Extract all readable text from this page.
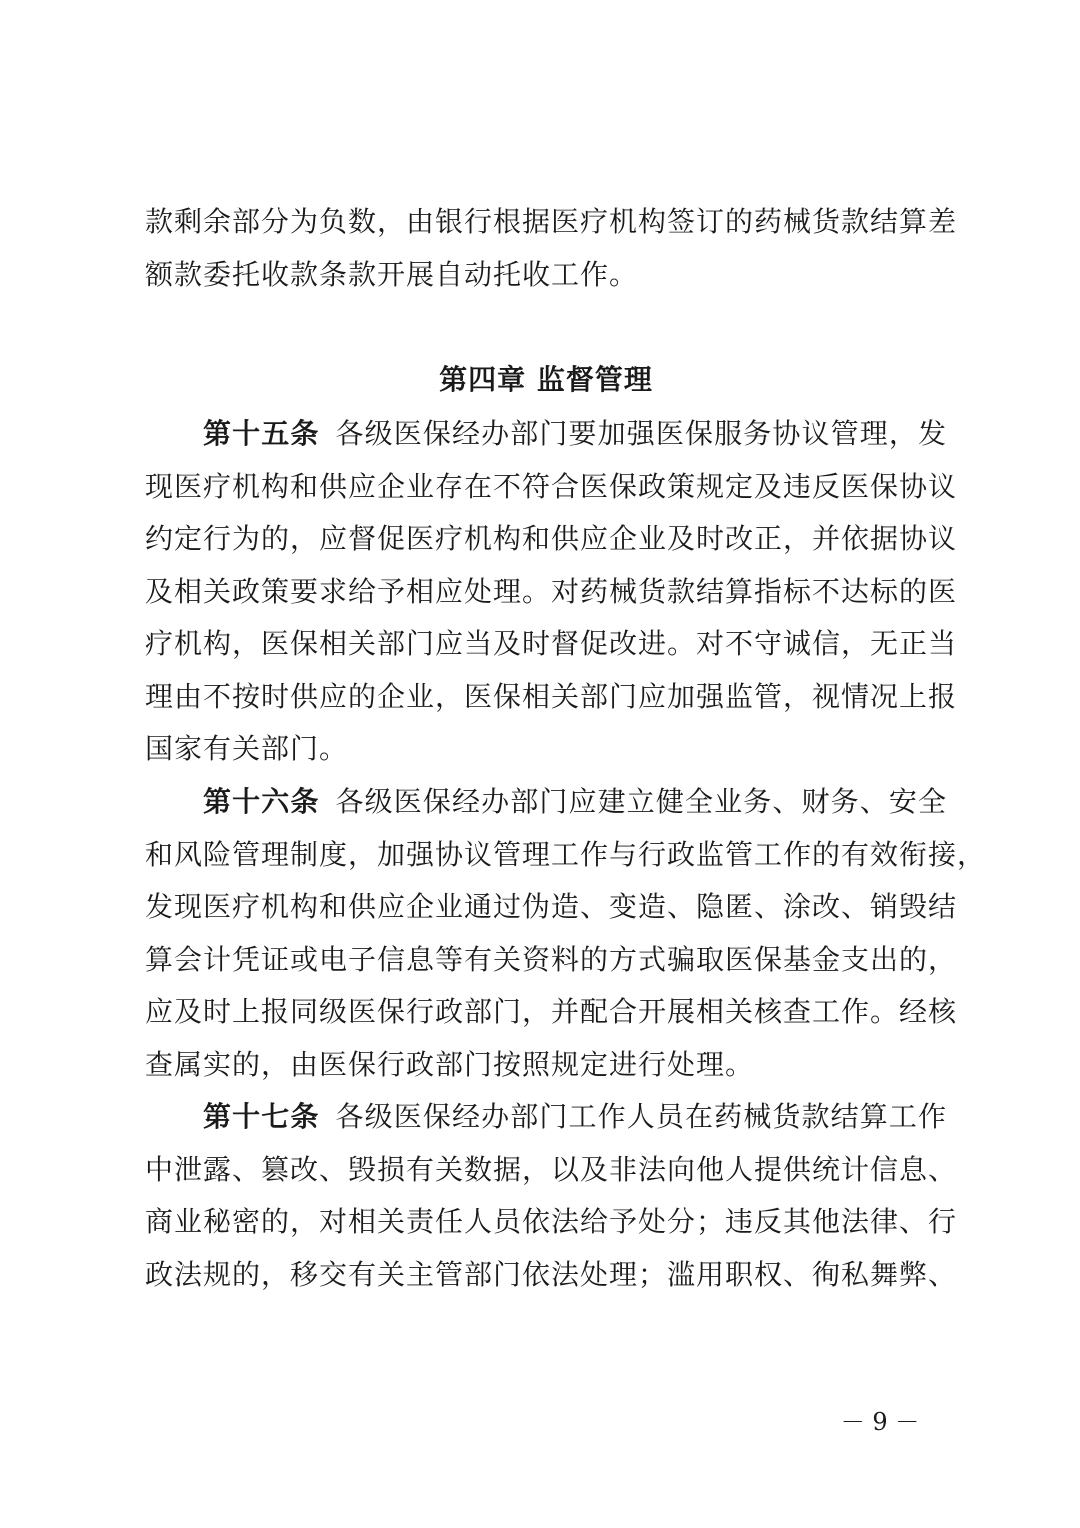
款剩余部分为负数，由银行根据医疗机构签订的药械货款结算差
额款委托收款条款开展自动托收工作。
第四章 监督管理
第十五条 各级医保经办部门要加强医保服务协议管理，发
现医疗机构和供应企业存在不符合医保政策规定及违反医保协议
约定行为的，应督促医疗机构和供应企业及时改正，并依据协议
及相关政策要求给予相应处理。对药械货款结算指标不达标的医
疗机构，医保相关部门应当及时督促改进。对不守诚信，无正当
理由不按时供应的企业，医保相关部门应加强监管，视情况上报
国家有关部门。
第十六条 各级医保经办部门应建立健全业务、财务、安全
和风险管理制度，加强协议管理工作与行政监管工作的有效衔接，
发现医疗机构和供应企业通过伪造、变造、隐匿、涂改、销毁结
算会计凭证或电子信息等有关资料的方式骗取医保基金支出的，
应及时上报同级医保行政部门，并配合开展相关核查工作。经核
查属实的，由医保行政部门按照规定进行处理。
第十七条 各级医保经办部门工作人员在药械货款结算工作
中泄露、篡改、毁损有关数据，以及非法向他人提供统计信息、
商业秘密的，对相关责任人员依法给予处分；违反其他法律、行
政法规的，移交有关主管部门依法处理；滥用职权、徇私舞弊、
－ 9 －
